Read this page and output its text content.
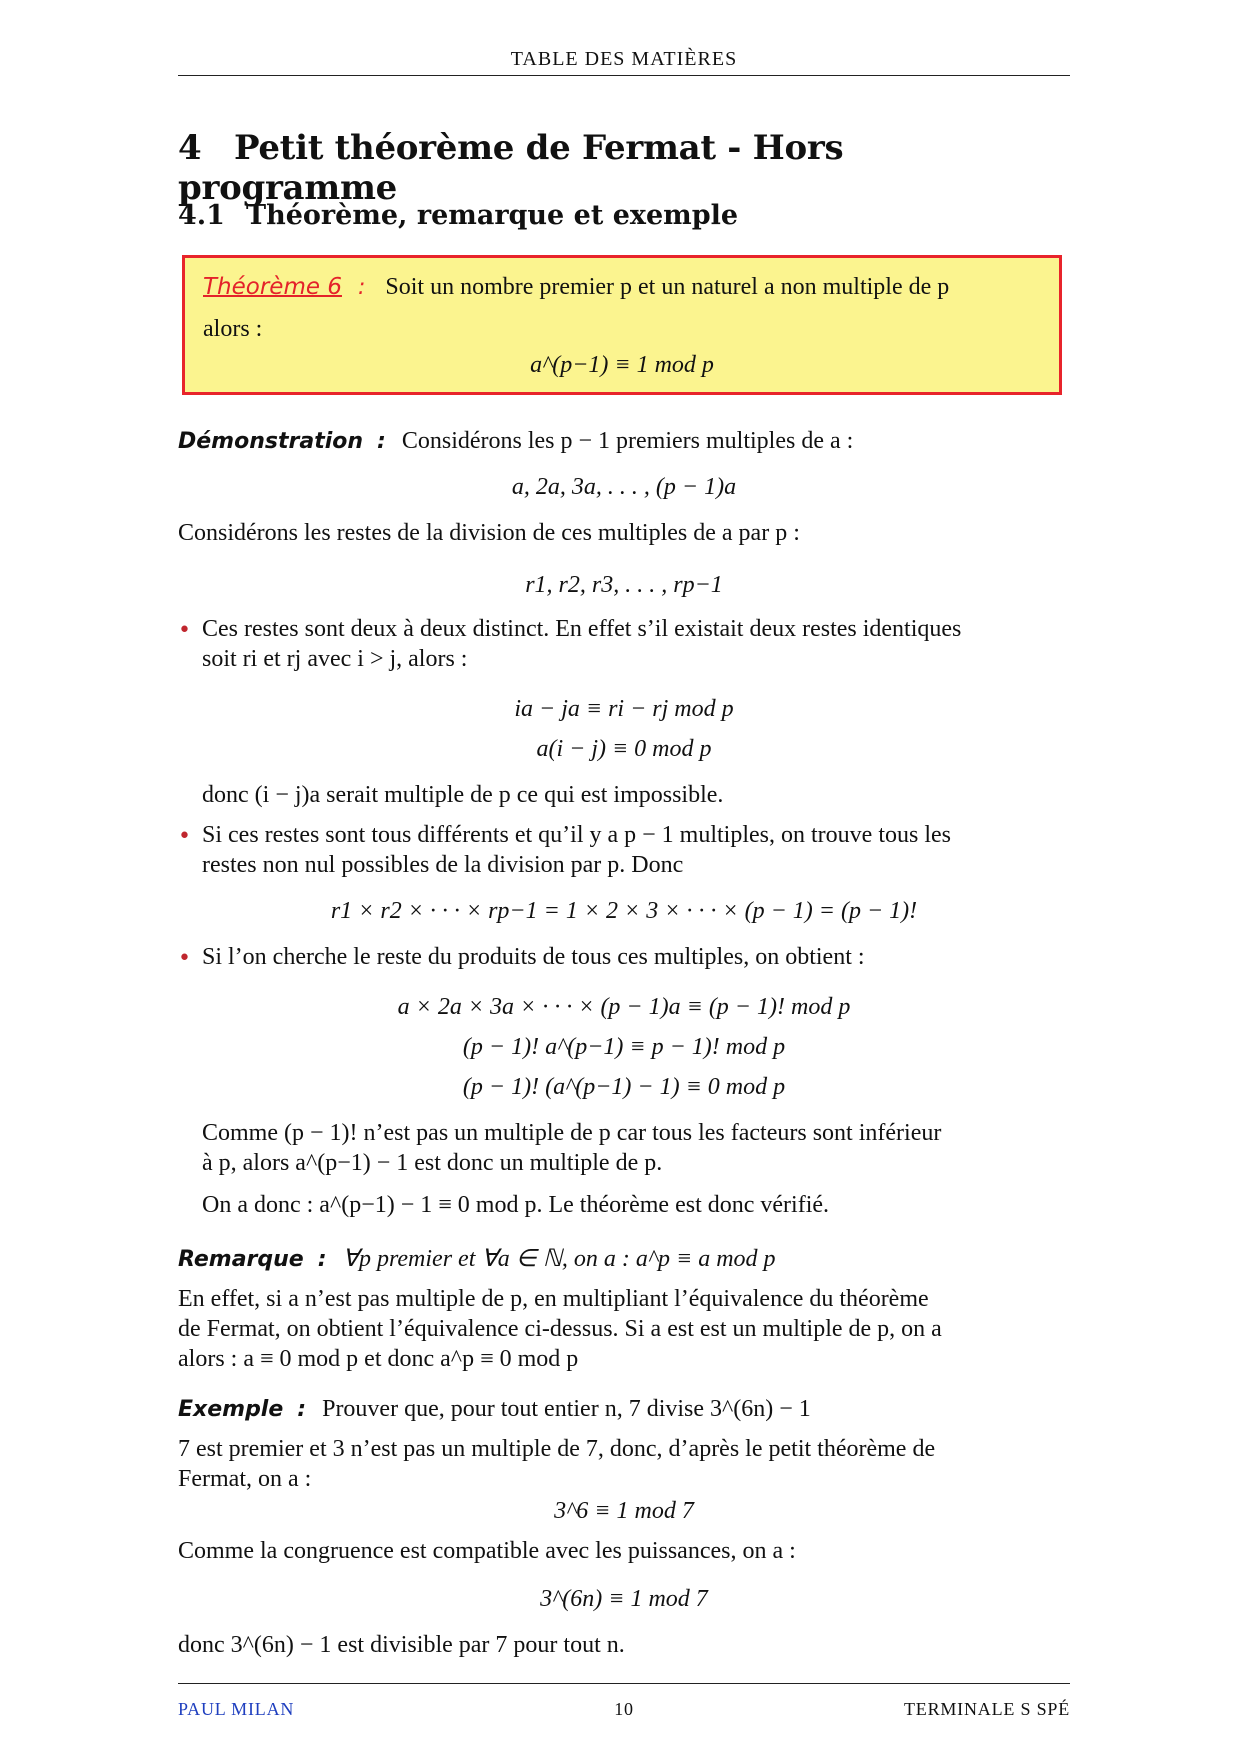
TABLE DES MATIÈRES
4 Petit théorème de Fermat - Hors programme
4.1 Théorème, remarque et exemple
Théorème 6 : Soit un nombre premier p et un naturel a non multiple de p
alors :
a^(p−1) ≡ 1 mod p
Démonstration : Considérons les p − 1 premiers multiples de a :
a, 2a, 3a, . . . , (p − 1)a
Considérons les restes de la division de ces multiples de a par p :
r1, r2, r3, . . . , rp−1
• Ces restes sont deux à deux distinct. En effet s’il existait deux restes identiques
soit ri et rj avec i > j, alors :
ia − ja ≡ ri − rj mod p
a(i − j) ≡ 0 mod p
donc (i − j)a serait multiple de p ce qui est impossible.
• Si ces restes sont tous différents et qu’il y a p − 1 multiples, on trouve tous les
restes non nul possibles de la division par p. Donc
r1 × r2 × · · · × rp−1 = 1 × 2 × 3 × · · · × (p − 1) = (p − 1)!
• Si l’on cherche le reste du produits de tous ces multiples, on obtient :
a × 2a × 3a × · · · × (p − 1)a ≡ (p − 1)! mod p
(p − 1)! a^(p−1) ≡ p − 1)! mod p
(p − 1)! (a^(p−1) − 1) ≡ 0 mod p
Comme (p − 1)! n’est pas un multiple de p car tous les facteurs sont inférieur
à p, alors a^(p−1) − 1 est donc un multiple de p.
On a donc : a^(p−1) − 1 ≡ 0 mod p. Le théorème est donc vérifié.
Remarque : ∀p premier et ∀a ∈ ℕ, on a : a^p ≡ a mod p
En effet, si a n’est pas multiple de p, en multipliant l’équivalence du théorème
de Fermat, on obtient l’équivalence ci-dessus. Si a est est un multiple de p, on a
alors : a ≡ 0 mod p et donc a^p ≡ 0 mod p
Exemple : Prouver que, pour tout entier n, 7 divise 3^(6n) − 1
7 est premier et 3 n’est pas un multiple de 7, donc, d’après le petit théorème de
Fermat, on a :
3^6 ≡ 1 mod 7
Comme la congruence est compatible avec les puissances, on a :
3^(6n) ≡ 1 mod 7
donc 3^(6n) − 1 est divisible par 7 pour tout n.
PAUL MILAN	10	TERMINALE S SPÉ
